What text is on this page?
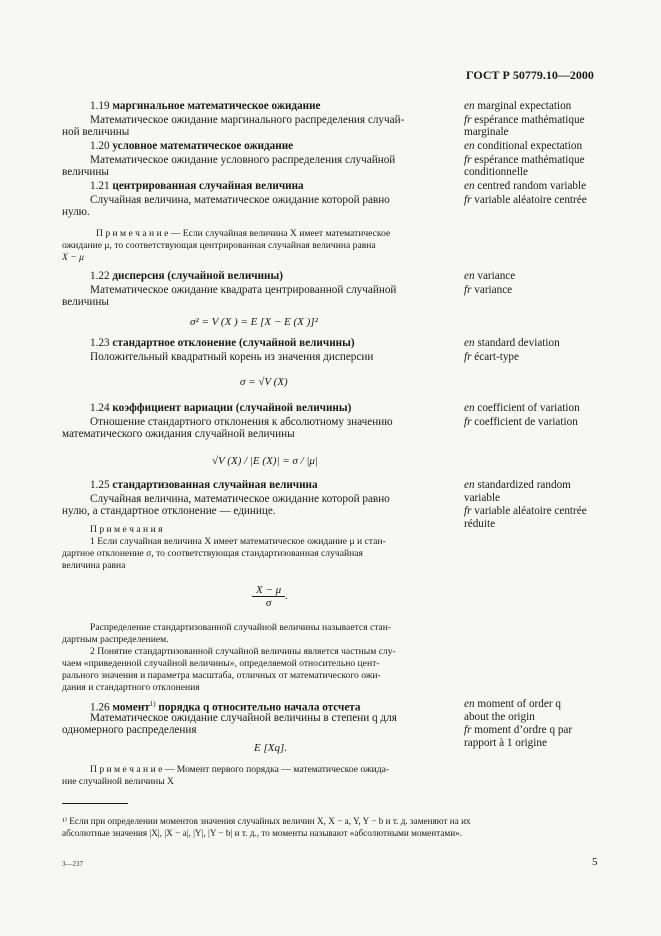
ГОСТ Р 50779.10—2000
1.19 маргинальное математическое ожидание
Математическое ожидание маргинального распределения случай-
ной величины
en marginal expectation
fr espérance mathématique
marginale
1.20 условное математическое ожидание
Математическое ожидание условного распределения случайной
величины
en conditional expectation
fr espérance mathématique
conditionnelle
1.21 центрированная случайная величина
Случайная величина, математическое ожидание которой равно
нулю.
en centred random variable
fr variable aléatoire centrée
П р и м е ч а н и е — Если случайная величина X имеет математическое
ожидание μ, то соответствующая центрированная случайная величина равна
X − μ
1.22 дисперсия (случайной величины)
Математическое ожидание квадрата центрированной случайной
величины
en variance
fr variance
σ² = V (X ) = E [X − E (X )]²
1.23 стандартное отклонение (случайной величины)
Положительный квадратный корень из значения дисперсии
en standard deviation
fr écart-type
σ = √V (X)
1.24 коэффициент вариации (случайной величины)
Отношение стандартного отклонения к абсолютному значению
математического ожидания случайной величины
en coefficient of variation
fr coefficient de variation
√V (X) / |E (X)| = σ / |μ|
1.25 стандартизованная случайная величина
Случайная величина, математическое ожидание которой равно
нулю, а стандартное отклонение — единице.
en standardized random
variable
fr variable aléatoire centrée
réduite
П р и м е ч а н и я
1 Если случайная величина X имеет математическое ожидание μ и стан-
дартное отклонение σ, то соответствующая стандартизованная случайная
величина равна
$\frac{X - \mu}{\sigma}$ .
Распределение стандартизованной случайной величины называется стан-
дартным распределением.
2 Понятие стандартизованной случайной величины является частным слу-
чаем «приведенной случайной величины», определяемой относительно цент-
рального значения и параметра масштаба, отличных от математического ожи-
дания и стандартного отклонения
1.26 момент$^{1)}$ порядка q относительно начала отсчета
Математическое ожидание случайной величины в степени q для
одномерного распределения
en moment of order q
about the origin
fr moment d’ordre q par
rapport à 1 origine
E [Xq].
П р и м е ч а н и е — Момент первого порядка — математическое ожида-
ние случайной величины X
¹⁾ Если при определении моментов значения случайных величин X, X − a, Y, Y − b и т. д. заменяют на их
абсолютные значения |X|, |X − a|, |Y|, |Y − b| и т. д., то моменты называют «абсолютными моментами».
3—237	5
